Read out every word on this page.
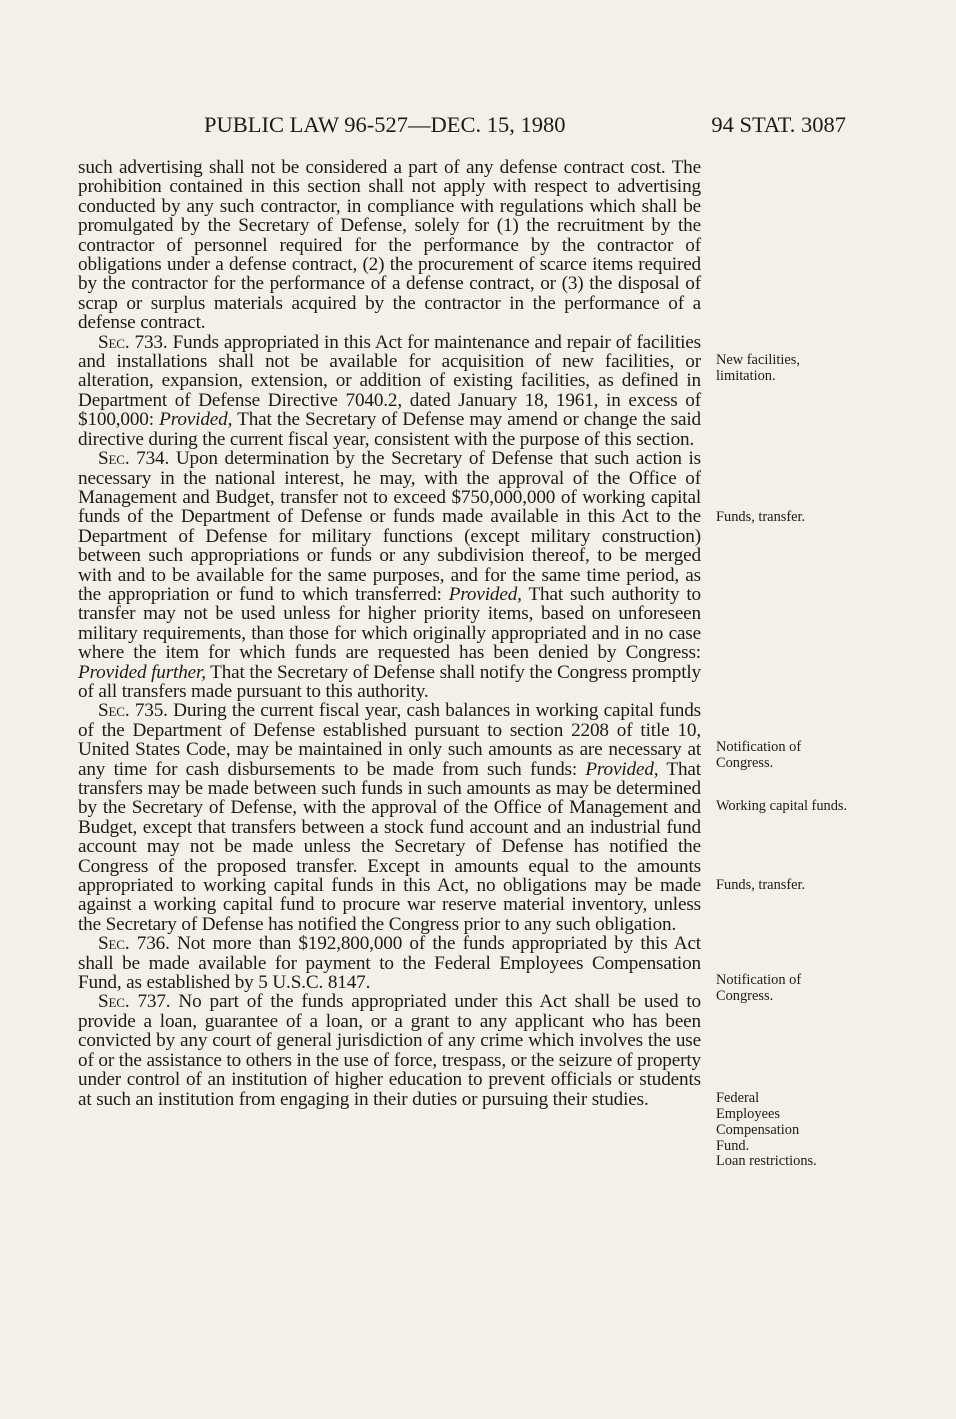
PUBLIC LAW 96-527—DEC. 15, 1980	94 STAT. 3087

such advertising shall not be considered a part of any defense contract cost. The prohibition contained in this section shall not apply with respect to advertising conducted by any such contractor, in compliance with regulations which shall be promulgated by the Secretary of Defense, solely for (1) the recruitment by the contractor of personnel required for the performance by the contractor of obligations under a defense contract, (2) the procurement of scarce items required by the contractor for the performance of a defense contract, or (3) the disposal of scrap or surplus materials acquired by the contractor in the performance of a defense contract.

Sec. 733. Funds appropriated in this Act for maintenance and repair of facilities and installations shall not be available for acquisition of new facilities, or alteration, expansion, extension, or addition of existing facilities, as defined in Department of Defense Directive 7040.2, dated January 18, 1961, in excess of $100,000: Provided, That the Secretary of Defense may amend or change the said directive during the current fiscal year, consistent with the purpose of this section.

Sec. 734. Upon determination by the Secretary of Defense that such action is necessary in the national interest, he may, with the approval of the Office of Management and Budget, transfer not to exceed $750,000,000 of working capital funds of the Department of Defense or funds made available in this Act to the Department of Defense for military functions (except military construction) between such appropriations or funds or any subdivision thereof, to be merged with and to be available for the same purposes, and for the same time period, as the appropriation or fund to which transferred: Provided, That such authority to transfer may not be used unless for higher priority items, based on unforeseen military requirements, than those for which originally appropriated and in no case where the item for which funds are requested has been denied by Congress: Provided further, That the Secretary of Defense shall notify the Congress promptly of all transfers made pursuant to this authority.

Sec. 735. During the current fiscal year, cash balances in working capital funds of the Department of Defense established pursuant to section 2208 of title 10, United States Code, may be maintained in only such amounts as are necessary at any time for cash disbursements to be made from such funds: Provided, That transfers may be made between such funds in such amounts as may be determined by the Secretary of Defense, with the approval of the Office of Management and Budget, except that transfers between a stock fund account and an industrial fund account may not be made unless the Secretary of Defense has notified the Congress of the proposed transfer. Except in amounts equal to the amounts appropriated to working capital funds in this Act, no obligations may be made against a working capital fund to procure war reserve material inventory, unless the Secretary of Defense has notified the Congress prior to any such obligation.

Sec. 736. Not more than $192,800,000 of the funds appropriated by this Act shall be made available for payment to the Federal Employees Compensation Fund, as established by 5 U.S.C. 8147.

Sec. 737. No part of the funds appropriated under this Act shall be used to provide a loan, guarantee of a loan, or a grant to any applicant who has been convicted by any court of general jurisdiction of any crime which involves the use of or the assistance to others in the use of force, trespass, or the seizure of property under control of an institution of higher education to prevent officials or students at such an institution from engaging in their duties or pursuing their studies.

New facilities, limitation.

Funds, transfer.

Notification of Congress.

Working capital funds.

Funds, transfer.

Notification of Congress.

Federal Employees Compensation Fund.

Loan restrictions.
